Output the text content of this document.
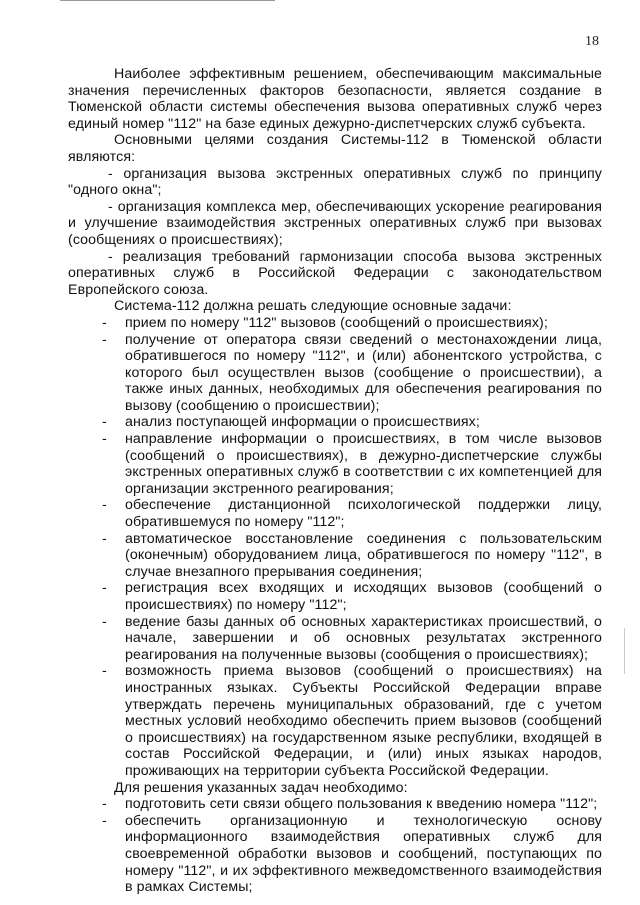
18

Наиболее эффективным решением, обеспечивающим максимальные значения перечисленных факторов безопасности, является создание в Тюменской области системы обеспечения вызова оперативных служб через единый номер "112" на базе единых дежурно-диспетчерских служб субъекта.

Основными целями создания Системы-112 в Тюменской области являются:

- организация вызова экстренных оперативных служб по принципу "одного окна";

- организация комплекса мер, обеспечивающих ускорение реагирования и улучшение взаимодействия экстренных оперативных служб при вызовах (сообщениях о происшествиях);

- реализация требований гармонизации способа вызова экстренных оперативных служб в Российской Федерации с законодательством Европейского союза.

Система-112 должна решать следующие основные задачи:

- прием по номеру "112" вызовов (сообщений о происшествиях);
- получение от оператора связи сведений о местонахождении лица, обратившегося по номеру "112", и (или) абонентского устройства, с которого был осуществлен вызов (сообщение о происшествии), а также иных данных, необходимых для обеспечения реагирования по вызову (сообщению о происшествии);
- анализ поступающей информации о происшествиях;
- направление информации о происшествиях, в том числе вызовов (сообщений о происшествиях), в дежурно-диспетчерские службы экстренных оперативных служб в соответствии с их компетенцией для организации экстренного реагирования;
- обеспечение дистанционной психологической поддержки лицу, обратившемуся по номеру "112";
- автоматическое восстановление соединения с пользовательским (оконечным) оборудованием лица, обратившегося по номеру "112", в случае внезапного прерывания соединения;
- регистрация всех входящих и исходящих вызовов (сообщений о происшествиях) по номеру "112";
- ведение базы данных об основных характеристиках происшествий, о начале, завершении и об основных результатах экстренного реагирования на полученные вызовы (сообщения о происшествиях);
- возможность приема вызовов (сообщений о происшествиях) на иностранных языках. Субъекты Российской Федерации вправе утверждать перечень муниципальных образований, где с учетом местных условий необходимо обеспечить прием вызовов (сообщений о происшествиях) на государственном языке республики, входящей в состав Российской Федерации, и (или) иных языках народов, проживающих на территории субъекта Российской Федерации.

Для решения указанных задач необходимо:

- подготовить сети связи общего пользования к введению номера "112";
- обеспечить организационную и технологическую основу информационного взаимодействия оперативных служб для своевременной обработки вызовов и сообщений, поступающих по номеру "112", и их эффективного межведомственного взаимодействия в рамках Системы;
